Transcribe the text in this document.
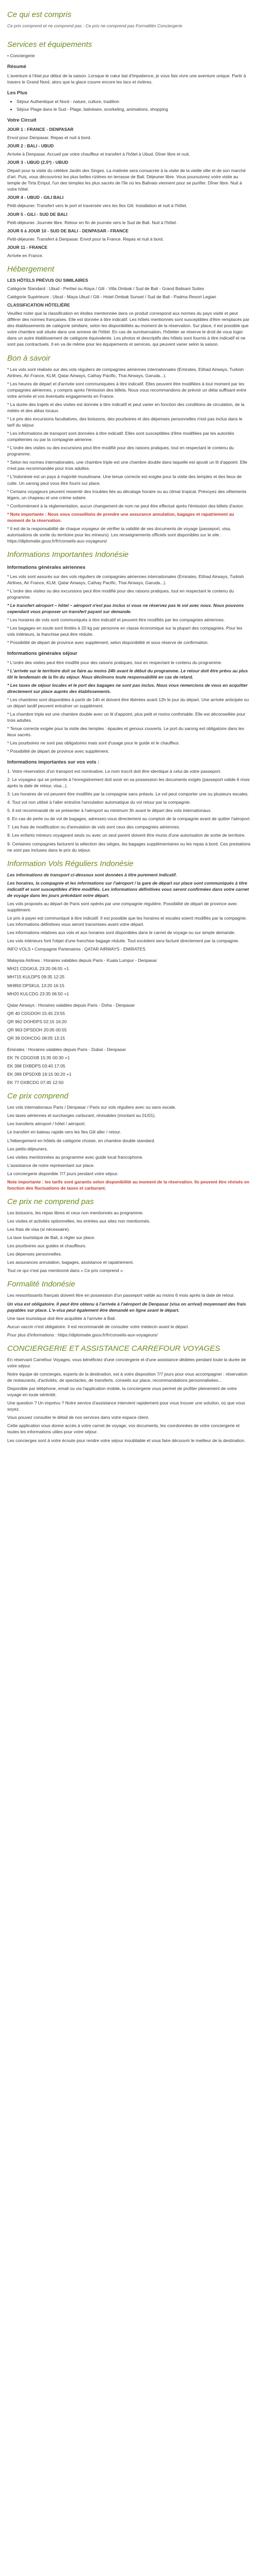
Ce qui est compris

Ce prix comprend et ne comprend pas : Ce prix ne comprend pas Formalités Conciergerie

Services et équipements

• Conciergerie

Résumé

L'aventure à l'état pur début de la saison. Lorsque le cœur bat d'impatience, je vous fais vivre une aventure unique. Partir à travers le Grand Nord, alors que la glace couvre encore les lacs et rivières.

Les Plus
• Séjour Authentique et Nord - nature, culture, tradition
• Séjour Plage dans le Sud - Plage, balnéaire, snorkeling, animations, shopping
Votre Circuit

JOUR 1 : FRANCE - DENPASAR

Envol pour Denpasar. Repas et nuit à bord.

JOUR 2 : BALI - UBUD

Arrivée à Denpasar. Accueil par votre chauffeur et transfert à l'hôtel à Ubud. Dîner libre et nuit.

JOUR 3 - UBUD (2.5*) - UBUD

Départ pour la visite du célèbre Jardin des Singes. La matinée sera consacrée à la visite de la vieille ville et de son marché d'art. Puis, vous découvrirez les plus belles rizières en terrasse de Bali. Déjeuner libre. Vous poursuivrez votre visite au temple de Tirta Empul, l'un des temples les plus sacrés de l'île où les Balinais viennent pour se purifier. Dîner libre. Nuit à votre hôtel.

JOUR 4 - UBUD - GILI BALI

Petit-déjeuner. Transfert vers le port et traversée vers les îles Gili. Installation et nuit à l'hôtel.

JOUR 5 - GILI - SUD DE BALI

Petit-déjeuner. Journée libre. Retour en fin de journée vers le Sud de Bali. Nuit à l'hôtel.

JOUR 6 à JOUR 10 - SUD DE BALI - DENPASAR - FRANCE

Petit-déjeuner. Transfert à Denpasar. Envol pour la France. Repas et nuit à bord.

JOUR 11 - FRANCE

Arrivée en France.

Hébergement

LES HÔTELS PRÉVUS OU SIMILAIRES

Catégorie Standard : Ubud - Pertiwi ou Alaya / Gili - Villa Ombak / Sud de Bali - Grand Balisani Suites

Catégorie Supérieure : Ubud - Maya Ubud / Gili - Hotel Ombak Sunset / Sud de Bali - Padma Resort Legian

CLASSIFICATION HÔTELIÈRE

Veuillez noter que la classification en étoiles mentionnée dans ce produit correspond aux normes du pays visité et peut différer des normes françaises. Elle est donnée à titre indicatif. Les hôtels mentionnés sont susceptibles d'être remplacés par des établissements de catégorie similaire, selon les disponibilités au moment de la réservation. Sur place, il est possible que votre chambre soit située dans une annexe de l'hôtel. En cas de surréservation, l'hôtelier se réserve le droit de vous loger dans un autre établissement de catégorie équivalente. Les photos et descriptifs des hôtels sont fournis à titre indicatif et ne sont pas contractuels. Il en va de même pour les équipements et services, qui peuvent varier selon la saison.

Bon à savoir

* Les vols sont réalisés sur des vols réguliers de compagnies aériennes internationales (Emirates, Etihad Airways, Turkish Airlines, Air France, KLM, Qatar Airways, Cathay Pacific, Thai Airways, Garuda...).

* Les heures de départ et d'arrivée sont communiquées à titre indicatif. Elles peuvent être modifiées à tout moment par les compagnies aériennes, y compris après l'émission des billets. Nous vous recommandons de prévoir un délai suffisant entre votre arrivée et vos éventuels engagements en France.

* La durée des trajets et des visites est donnée à titre indicatif et peut varier en fonction des conditions de circulation, de la météo et des aléas locaux.

* Le prix des excursions facultatives, des boissons, des pourboires et des dépenses personnelles n'est pas inclus dans le tarif du séjour.

* Les informations de transport sont données à titre indicatif. Elles sont susceptibles d'être modifiées par les autorités compétentes ou par la compagnie aérienne.

* L'ordre des visites ou des excursions peut être modifié pour des raisons pratiques, tout en respectant le contenu du programme.

* Selon les normes internationales, une chambre triple est une chambre double dans laquelle est ajouté un lit d'appoint. Elle n'est pas recommandée pour trois adultes.

* L'Indonésie est un pays à majorité musulmane. Une tenue correcte est exigée pour la visite des temples et des lieux de culte. Un sarong peut vous être fourni sur place.

* Certains voyageurs peuvent ressentir des troubles liés au décalage horaire ou au climat tropical. Prévoyez des vêtements légers, un chapeau et une crème solaire.

* Conformément à la réglementation, aucun changement de nom ne peut être effectué après l'émission des billets d'avion.

* Note importante : Nous vous conseillons de prendre une assurance annulation, bagages et rapatriement au moment de la réservation.

* Il est de la responsabilité de chaque voyageur de vérifier la validité de ses documents de voyage (passeport, visa, autorisations de sortie du territoire pour les mineurs). Les renseignements officiels sont disponibles sur le site : https://diplomatie.gouv.fr/fr/conseils-aux-voyageurs/

Informations Importantes Indonésie
Informations générales aériennes

* Les vols sont assurés sur des vols réguliers de compagnies aériennes internationales (Emirates, Etihad Airways, Turkish Airlines, Air France, KLM, Qatar Airways, Cathay Pacific, Thai Airways, Garuda...).

* L'ordre des visites ou des excursions peut être modifié pour des raisons pratiques, tout en respectant le contenu du programme.

* Le transfert aéroport – hôtel – aéroport n'est pas inclus si vous ne réservez pas le vol avec nous. Nous pouvons cependant vous proposer un transfert payant sur demande.

* Les horaires de vols sont communiqués à titre indicatif et peuvent être modifiés par les compagnies aériennes.

* Les bagages en soute sont limités à 20 kg par personne en classe économique sur la plupart des compagnies. Pour les vols intérieurs, la franchise peut être réduite.

* Possibilité de départ de province avec supplément, selon disponibilité et sous réserve de confirmation.

Informations générales séjour

* L'ordre des visites peut être modifié pour des raisons pratiques, tout en respectant le contenu du programme.

* L'arrivée sur le territoire doit se faire au moins 24h avant le début du programme. Le retour doit être prévu au plus tôt le lendemain de la fin du séjour. Nous déclinons toute responsabilité en cas de retard.

* Les taxes de séjour locales et le port des bagages ne sont pas inclus. Nous vous remercions de vous en acquitter directement sur place auprès des établissements.

* Les chambres sont disponibles à partir de 14h et doivent être libérées avant 12h le jour du départ. Une arrivée anticipée ou un départ tardif peuvent entraîner un supplément.

* La chambre triple est une chambre double avec un lit d'appoint, plus petit et moins confortable. Elle est déconseillée pour trois adultes.

* Tenue correcte exigée pour la visite des temples : épaules et genoux couverts. Le port du sarong est obligatoire dans les lieux sacrés.

* Les pourboires ne sont pas obligatoires mais sont d'usage pour le guide et le chauffeur.

* Possibilité de départ de province avec supplément.

Informations importantes sur vos vols :

1. Votre réservation d'un transport est nominative. Le nom inscrit doit être identique à celui de votre passeport.

2. Le voyageur qui se présente à l'enregistrement doit avoir en sa possession les documents exigés (passeport valide 6 mois après la date de retour, visa...).

3. Les horaires de vol peuvent être modifiés par la compagnie sans préavis. Le vol peut comporter une ou plusieurs escales.

4. Tout vol non utilisé à l'aller entraîne l'annulation automatique du vol retour par la compagnie.

5. Il est recommandé de se présenter à l'aéroport au minimum 3h avant le départ des vols internationaux.

6. En cas de perte ou de vol de bagages, adressez-vous directement au comptoir de la compagnie avant de quitter l'aéroport.

7. Les frais de modification ou d'annulation de vols sont ceux des compagnies aériennes.

8. Les enfants mineurs voyageant seuls ou avec un seul parent doivent être munis d'une autorisation de sortie de territoire.

9. Certaines compagnies facturent la sélection des sièges, les bagages supplémentaires ou les repas à bord. Ces prestations ne sont pas incluses dans le prix du séjour.

Information Vols Réguliers Indonésie

Les informations de transport ci-dessous sont données à titre purement indicatif.

Les horaires, la compagnie et les informations sur l'aéroport / la gare de départ sur place sont communiqués à titre indicatif et sont susceptibles d'être modifiés. Les informations définitives vous seront confirmées dans votre carnet de voyage dans les jours précédant votre départ.

Les vols proposés au départ de Paris sont opérés par une compagnie régulière. Possibilité de départ de province avec supplément.

Le prix à payer est communiqué à titre indicatif. Il est possible que les horaires et escales soient modifiés par la compagnie. Les informations définitives vous seront transmises avant votre départ.

Les informations relatives aux vols et aux horaires sont disponibles dans le carnet de voyage ou sur simple demande.

Les vols intérieurs font l'objet d'une franchise bagage réduite. Tout excédent sera facturé directement par la compagnie.

INFO VOLS • Compagnie Partenaires : QATAR AIRWAYS - EMIRATES

Malaysia Airlines : Horaires valables depuis Paris - Kuala Lumpur - Denpasar

MH21 CDGKUL 23:20 06:55 +1

MH715 KULDPS 09:35 12:25

MH850 DPSKUL 13:20 16:15

MH20 KULCDG 23:35 06:50 +1

Qatar Airways : Horaires valables depuis Paris - Doha - Denpasar

QR 40 CDGDOH 15:45 23:55

QR 962 DOHDPS 02:15 16:20

QR 963 DPSDOH 20:05 00:55

QR 39 DOHCDG 08:05 13:15

Emirates : Horaires valables depuis Paris - Dubaï - Denpasar

EK 76 CDGDXB 15:35 00:30 +1

EK 398 DXBDPS 03:40 17:05

EK 399 DPSDXB 19:15 00:20 +1

EK 77 DXBCDG 07:45 12:50

Ce prix comprend

Les vols internationaux Paris / Denpasar / Paris sur vols réguliers avec ou sans escale.

Les taxes aériennes et surcharges carburant, révisables (montant au 01/01).

Les transferts aéroport / hôtel / aéroport.

Le transfert en bateau rapide vers les îles Gili aller / retour.

L'hébergement en hôtels de catégorie choisie, en chambre double standard.

Les petits-déjeuners.

Les visites mentionnées au programme avec guide local francophone.

L'assistance de notre représentant sur place.

La conciergerie disponible 7/7 jours pendant votre séjour.

Note importante : les tarifs sont garantis selon disponibilité au moment de la réservation. Ils peuvent être révisés en fonction des fluctuations de taxes et carburant.

Ce prix ne comprend pas

Les boissons, les repas libres et ceux non mentionnés au programme.

Les visites et activités optionnelles, les entrées aux sites non mentionnés.

Les frais de visa (si nécessaire).

La taxe touristique de Bali, à régler sur place.

Les pourboires aux guides et chauffeurs.

Les dépenses personnelles.

Les assurances annulation, bagages, assistance et rapatriement.

Tout ce qui n'est pas mentionné dans « Ce prix comprend ».

Formalité Indonésie

Les ressortissants français doivent être en possession d'un passeport valide au moins 6 mois après la date de retour.

Un visa est obligatoire. Il peut être obtenu à l'arrivée à l'aéroport de Denpasar (visa on arrival) moyennant des frais payables sur place. L'e-visa peut également être demandé en ligne avant le départ.

Une taxe touristique doit être acquittée à l'arrivée à Bali.

Aucun vaccin n'est obligatoire. Il est recommandé de consulter votre médecin avant le départ.

Pour plus d'informations : https://diplomatie.gouv.fr/fr/conseils-aux-voyageurs/

CONCIERGERIE ET ASSISTANCE CARREFOUR VOYAGES

En réservant Carrefour Voyages, vous bénéficiez d'une conciergerie et d'une assistance dédiées pendant toute la durée de votre séjour.

Notre équipe de concierges, experts de la destination, est à votre disposition 7/7 jours pour vous accompagner : réservation de restaurants, d'activités, de spectacles, de transferts, conseils sur place, recommandations personnalisées...

Disponible par téléphone, email ou via l'application mobile, la conciergerie vous permet de profiter pleinement de votre voyage en toute sérénité.

Une question ? Un imprévu ? Notre service d'assistance intervient rapidement pour vous trouver une solution, où que vous soyez.

Vous pouvez consulter le détail de nos services dans votre espace client.

Cette application vous donne accès à votre carnet de voyage, vos documents, les coordonnées de votre conciergerie et toutes les informations utiles pour votre séjour.

Les concierges sont à votre écoute pour rendre votre séjour inoubliable et vous faire découvrir le meilleur de la destination.
